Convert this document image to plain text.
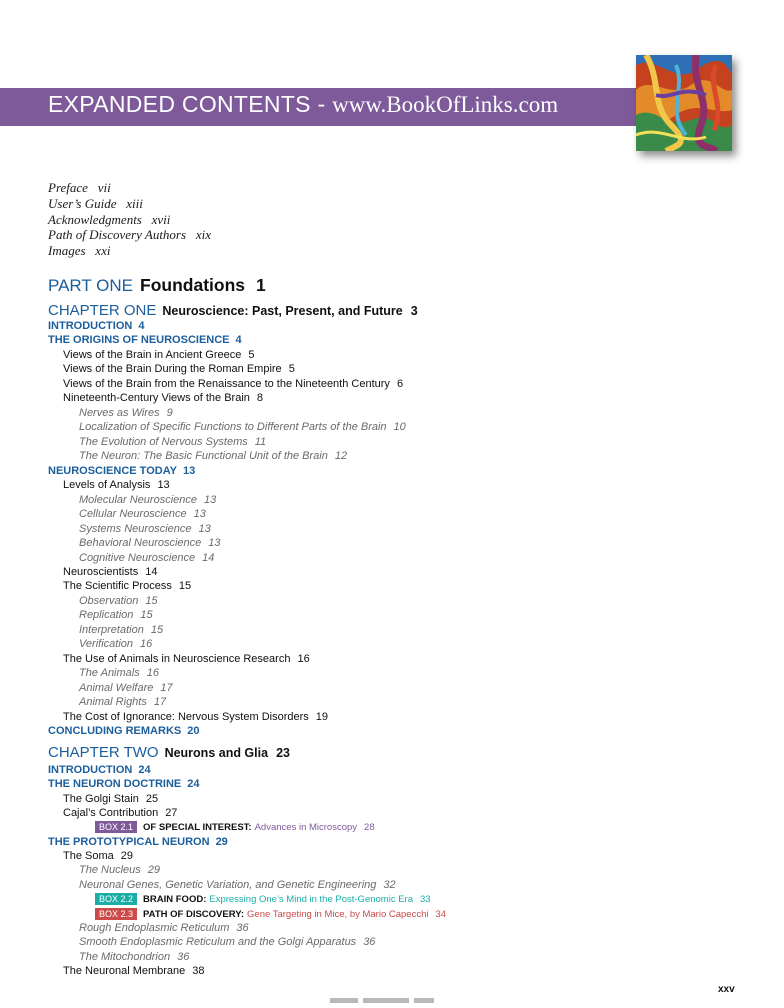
EXPANDED CONTENTS - www.BookOfLinks.com
Preface vii
User’s Guide xiii
Acknowledgments xvii
Path of Discovery Authors xix
Images xxi
PART ONE Foundations 1
CHAPTER ONE Neuroscience: Past, Present, and Future 3
INTRODUCTION 4
THE ORIGINS OF NEUROSCIENCE 4
Views of the Brain in Ancient Greece 5
Views of the Brain During the Roman Empire 5
Views of the Brain from the Renaissance to the Nineteenth Century 6
Nineteenth-Century Views of the Brain 8
Nerves as Wires 9
Localization of Specific Functions to Different Parts of the Brain 10
The Evolution of Nervous Systems 11
The Neuron: The Basic Functional Unit of the Brain 12
NEUROSCIENCE TODAY 13
Levels of Analysis 13
Molecular Neuroscience 13
Cellular Neuroscience 13
Systems Neuroscience 13
Behavioral Neuroscience 13
Cognitive Neuroscience 14
Neuroscientists 14
The Scientific Process 15
Observation 15
Replication 15
Interpretation 15
Verification 16
The Use of Animals in Neuroscience Research 16
The Animals 16
Animal Welfare 17
Animal Rights 17
The Cost of Ignorance: Nervous System Disorders 19
CONCLUDING REMARKS 20
CHAPTER TWO Neurons and Glia 23
INTRODUCTION 24
THE NEURON DOCTRINE 24
The Golgi Stain 25
Cajal’s Contribution 27
BOX 2.1 OF SPECIAL INTEREST: Advances in Microscopy 28
THE PROTOTYPICAL NEURON 29
The Soma 29
The Nucleus 29
Neuronal Genes, Genetic Variation, and Genetic Engineering 32
BOX 2.2 BRAIN FOOD: Expressing One’s Mind in the Post-Genomic Era 33
BOX 2.3 PATH OF DISCOVERY: Gene Targeting in Mice, by Mario Capecchi 34
Rough Endoplasmic Reticulum 36
Smooth Endoplasmic Reticulum and the Golgi Apparatus 36
The Mitochondrion 36
The Neuronal Membrane 38
xxv
